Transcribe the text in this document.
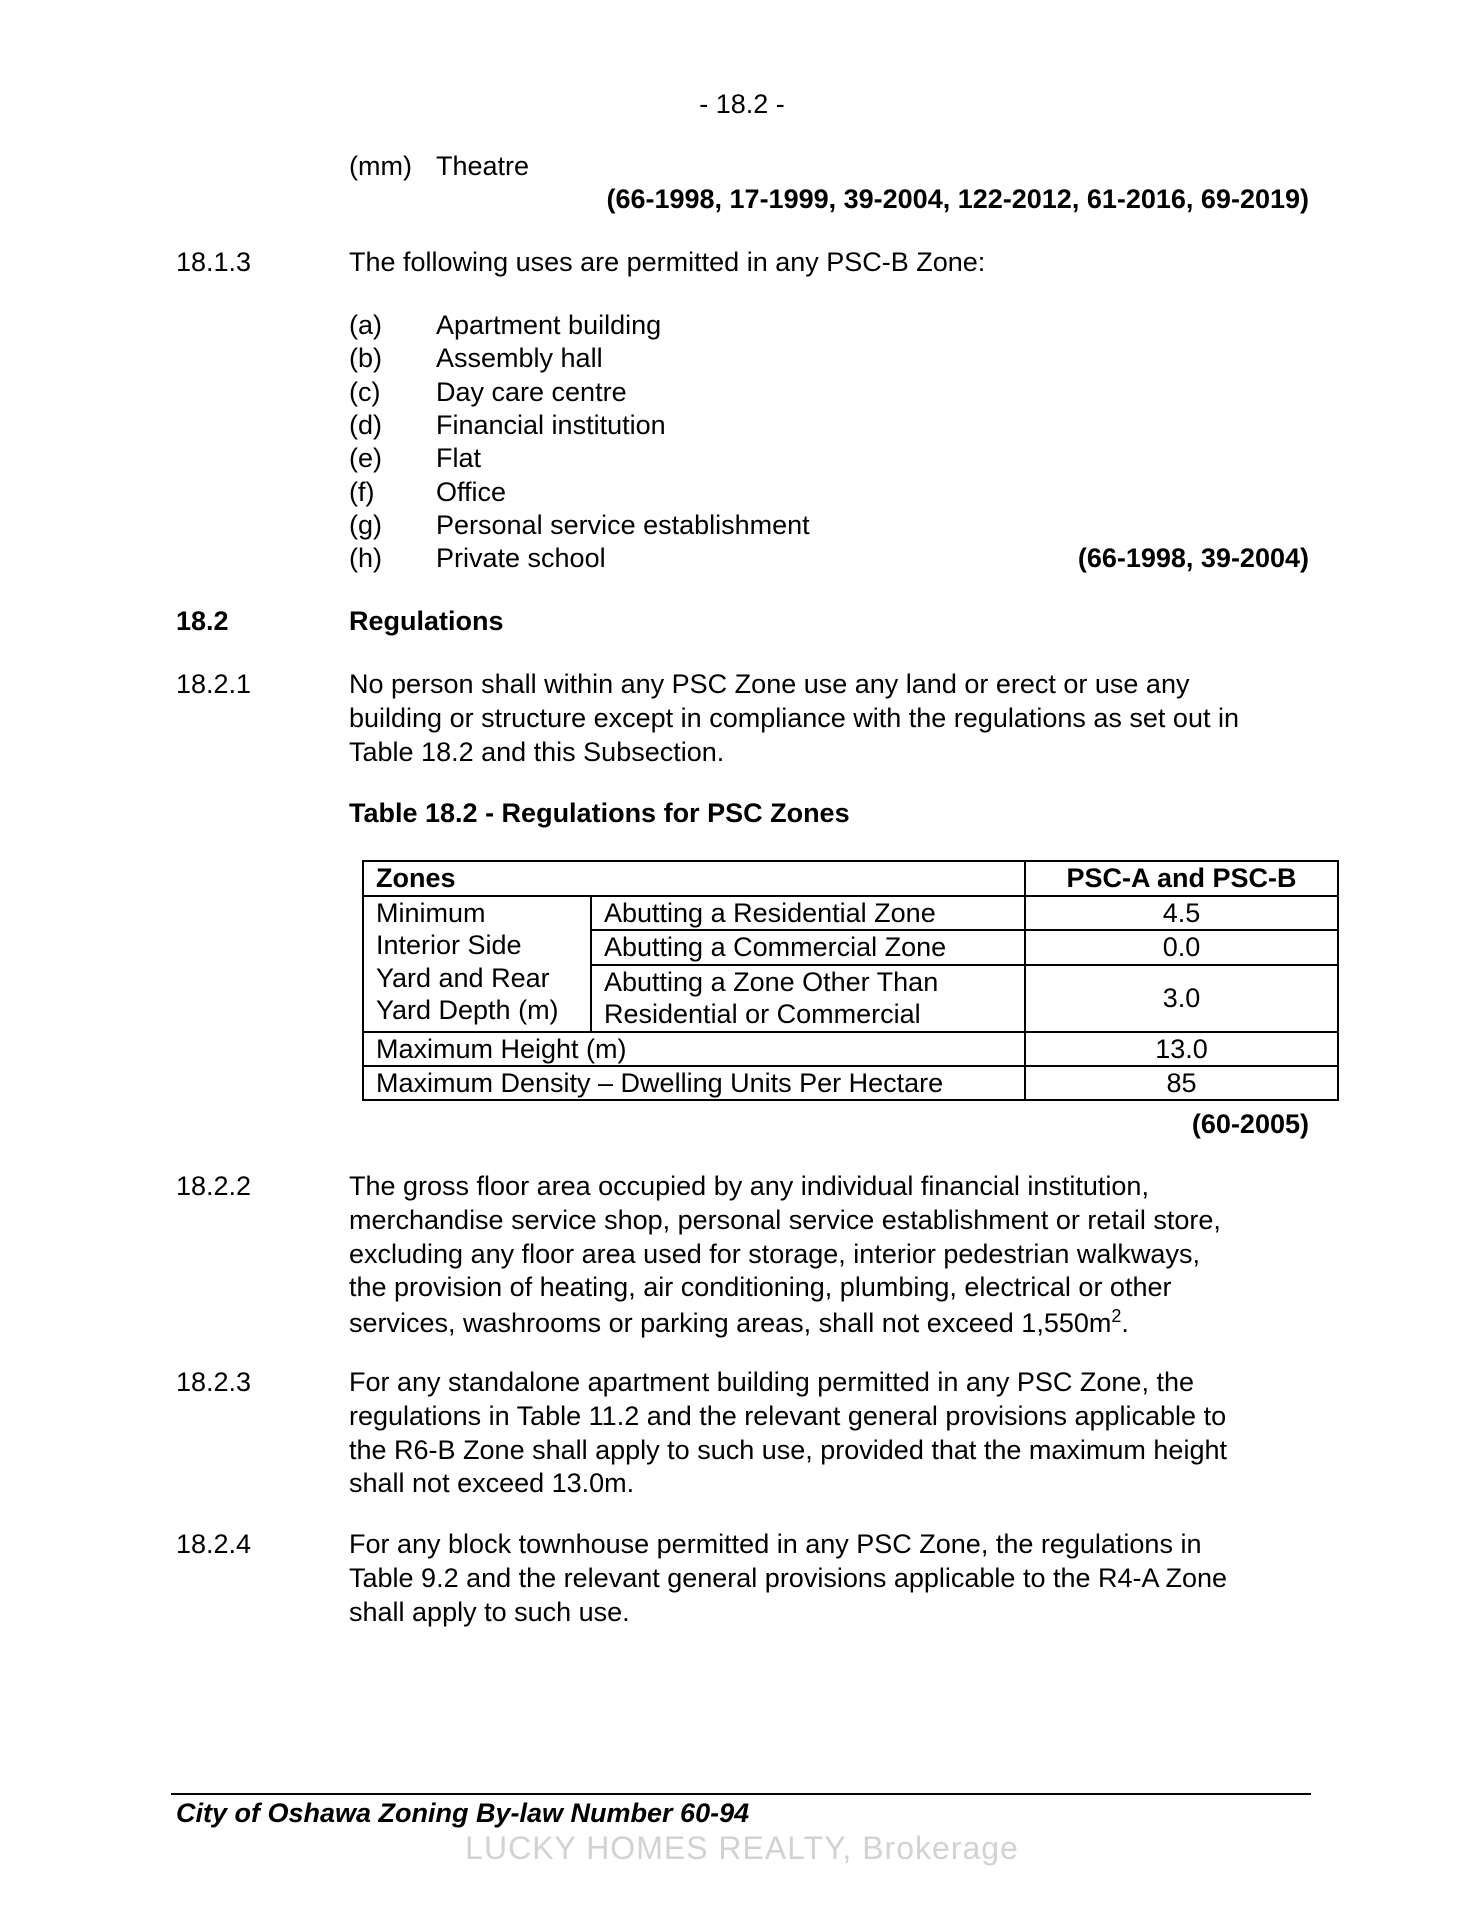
- 18.2 -
(mm) Theatre
(66-1998, 17-1999, 39-2004, 122-2012, 61-2016, 69-2019)
18.1.3	The following uses are permitted in any PSC-B Zone:
(a) Apartment building
(b) Assembly hall
(c) Day care centre
(d) Financial institution
(e) Flat
(f) Office
(g) Personal service establishment
(h) Private school	(66-1998, 39-2004)
18.2	Regulations
18.2.1	No person shall within any PSC Zone use any land or erect or use any

building or structure except in compliance with the regulations as set out in

Table 18.2 and this Subsection.

Table 18.2 - Regulations for PSC Zones
Zones		PSC-A and PSC-B

Minimum
Interior Side
Yard and Rear
Yard Depth (m)	Abutting a Residential Zone	4.5
	Abutting a Commercial Zone	0.0

	Abutting a Zone Other Than
Residential or Commercial	3.0
Maximum Height (m)		13.0
Maximum Density – Dwelling Units Per Hectare		85
(60-2005)
18.2.2	The gross floor area occupied by any individual financial institution,

merchandise service shop, personal service establishment or retail store,

excluding any floor area used for storage, interior pedestrian walkways,

the provision of heating, air conditioning, plumbing, electrical or other

services, washrooms or parking areas, shall not exceed $1,550m^2$.

18.2.3	For any standalone apartment building permitted in any PSC Zone, the

regulations in Table 11.2 and the relevant general provisions applicable to

the R6-B Zone shall apply to such use, provided that the maximum height

shall not exceed 13.0m.

18.2.4	For any block townhouse permitted in any PSC Zone, the regulations in

Table 9.2 and the relevant general provisions applicable to the R4-A Zone

shall apply to such use.

City of Oshawa Zoning By-law Number 60-94
LUCKY HOMES REALTY, Brokerage
